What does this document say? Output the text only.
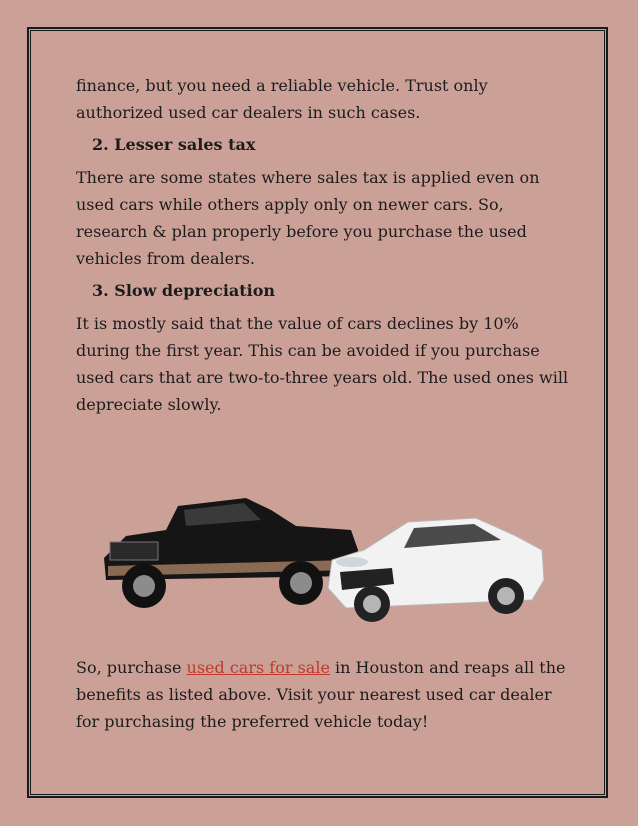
finance, but you need a reliable vehicle. Trust only authorized used car dealers in such cases.

2. Lesser sales tax

There are some states where sales tax is applied even on used cars while others apply only on newer cars. So, research & plan properly before you purchase the used vehicles from dealers.

3. Slow depreciation

It is mostly said that the value of cars declines by 10% during the first year. This can be avoided if you purchase used cars that are two-to-three years old. The used ones will depreciate slowly.

So, purchase used cars for sale in Houston and reaps all the benefits as listed above. Visit your nearest used car dealer for purchasing the preferred vehicle today!
